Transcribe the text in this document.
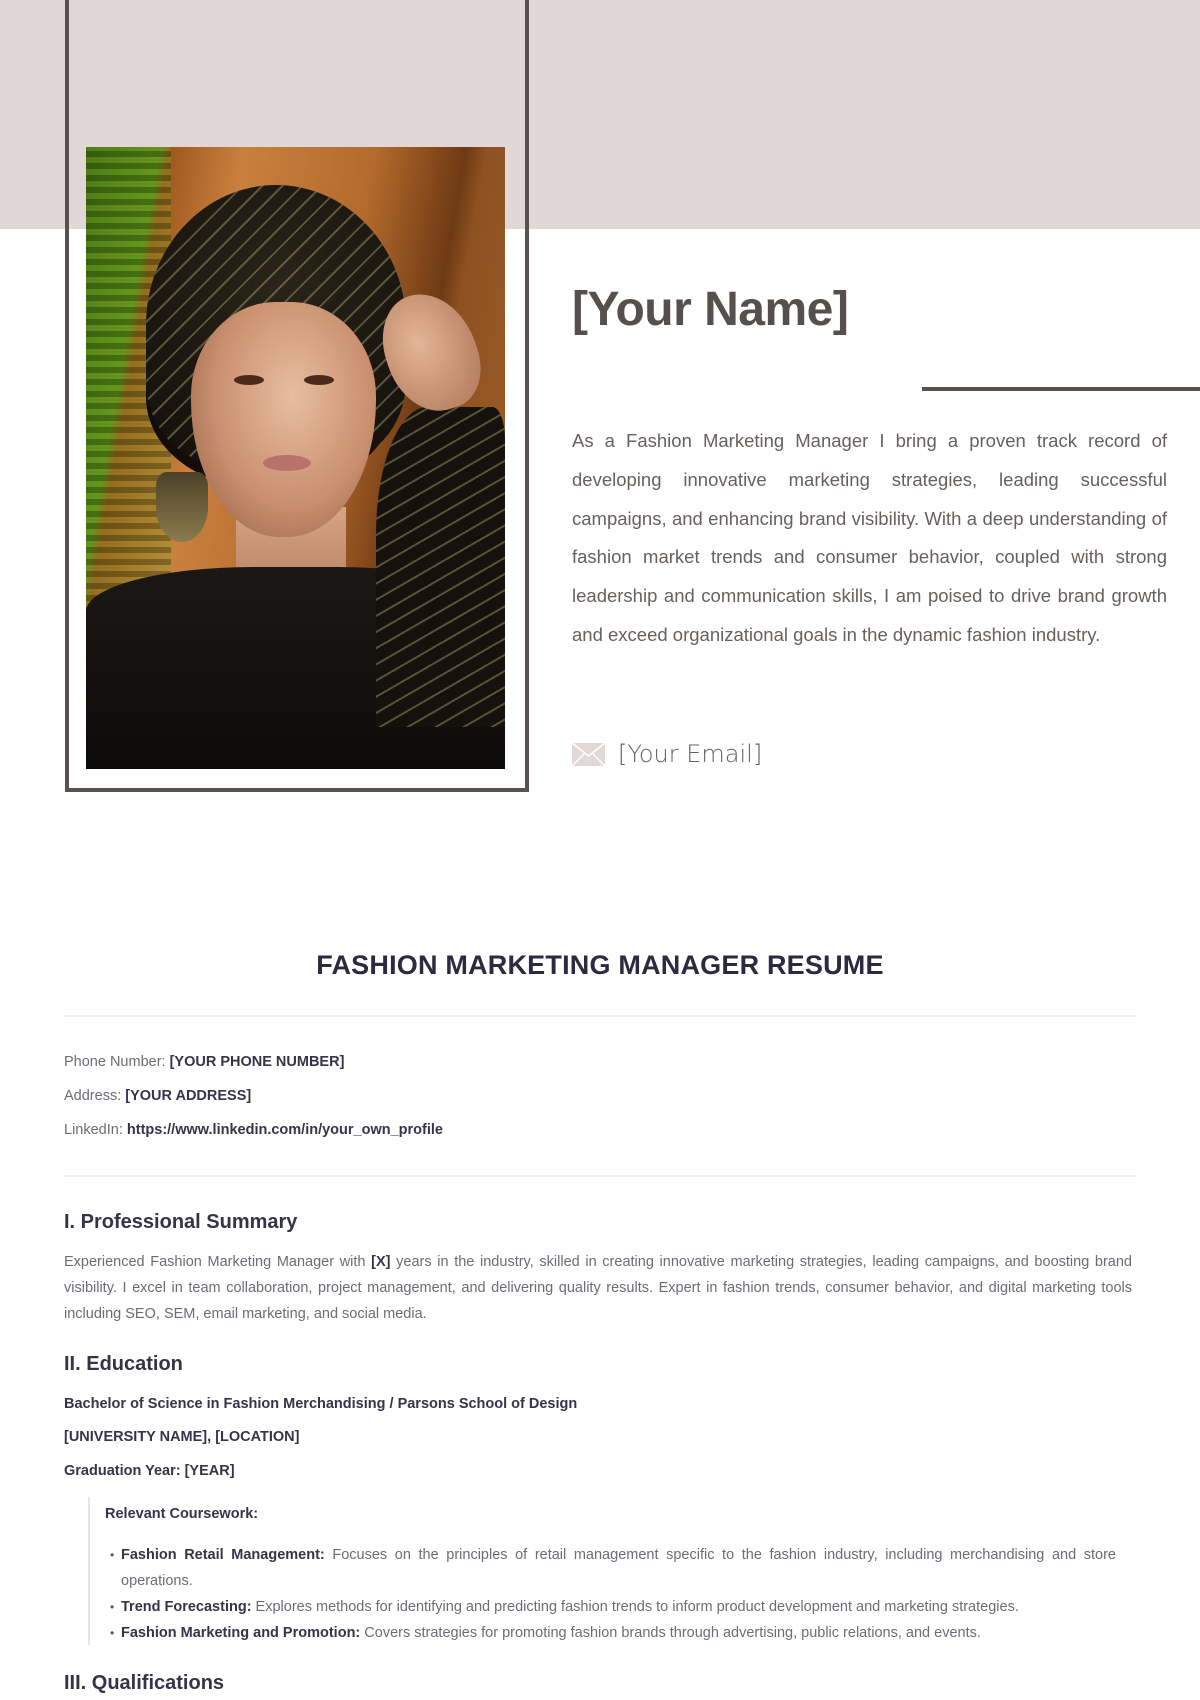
[Your Name]

As a Fashion Marketing Manager I bring a proven track record of developing innovative marketing strategies, leading successful campaigns, and enhancing brand visibility. With a deep understanding of fashion market trends and consumer behavior, coupled with strong leadership and communication skills, I am poised to drive brand growth and exceed organizational goals in the dynamic fashion industry.

[Your Email]
FASHION MARKETING MANAGER RESUME
Phone Number: [YOUR PHONE NUMBER]
Address: [YOUR ADDRESS]
LinkedIn: https://www.linkedin.com/in/your_own_profile
I. Professional Summary

Experienced Fashion Marketing Manager with [X] years in the industry, skilled in creating innovative marketing strategies, leading campaigns, and boosting brand visibility. I excel in team collaboration, project management, and delivering quality results. Expert in fashion trends, consumer behavior, and digital marketing tools including SEO, SEM, email marketing, and social media.

II. Education
Bachelor of Science in Fashion Merchandising / Parsons School of Design
[UNIVERSITY NAME], [LOCATION]
Graduation Year: [YEAR]
Relevant Coursework:
• Fashion Retail Management: Focuses on the principles of retail management specific to the fashion industry, including merchandising and store operations.
• Trend Forecasting: Explores methods for identifying and predicting fashion trends to inform product development and marketing strategies.
• Fashion Marketing and Promotion: Covers strategies for promoting fashion brands through advertising, public relations, and events.
III. Qualifications
